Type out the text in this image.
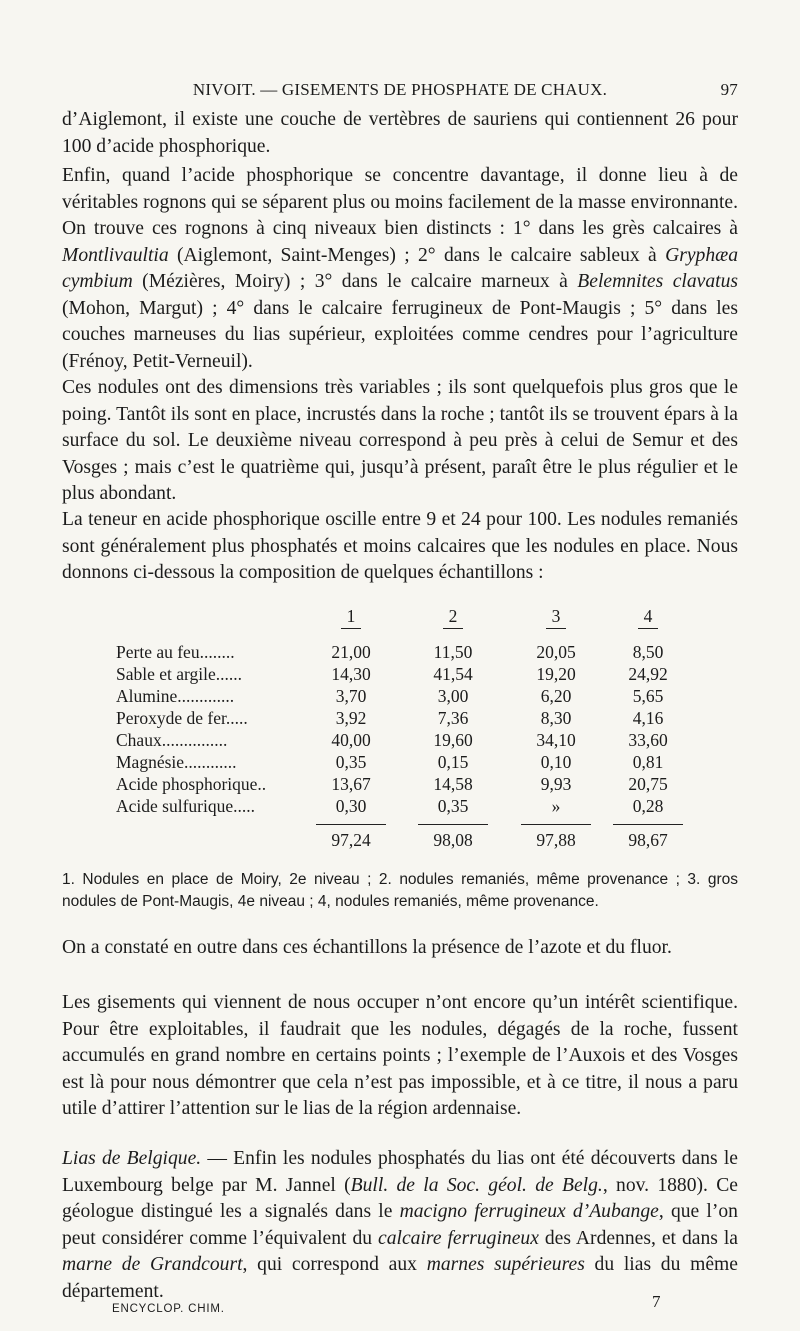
NIVOIT. — GISEMENTS DE PHOSPHATE DE CHAUX.	97

d’Aiglemont, il existe une couche de vertèbres de sauriens qui contiennent 26 pour 100 d’acide phosphorique.

Enfin, quand l’acide phosphorique se concentre davantage, il donne lieu à de véritables rognons qui se séparent plus ou moins facilement de la masse environnante. On trouve ces rognons à cinq niveaux bien distincts : 1° dans les grès calcaires à Montlivaultia (Aiglemont, Saint-Menges) ; 2° dans le calcaire sableux à Gryphæa cymbium (Mézières, Moiry) ; 3° dans le calcaire marneux à Belemnites clavatus (Mohon, Margut) ; 4° dans le calcaire ferrugineux de Pont-Maugis ; 5° dans les couches marneuses du lias supérieur, exploitées comme cendres pour l’agriculture (Frénoy, Petit-Verneuil).

Ces nodules ont des dimensions très variables ; ils sont quelquefois plus gros que le poing. Tantôt ils sont en place, incrustés dans la roche ; tantôt ils se trouvent épars à la surface du sol. Le deuxième niveau correspond à peu près à celui de Semur et des Vosges ; mais c’est le quatrième qui, jusqu’à présent, paraît être le plus régulier et le plus abondant.

La teneur en acide phosphorique oscille entre 9 et 24 pour 100. Les nodules remaniés sont généralement plus phosphatés et moins calcaires que les nodules en place. Nous donnons ci-dessous la composition de quelques échantillons :

1	2	3	4
Perte au feu........	21,00	11,50	20,05	8,50
Sable et argile......	14,30	41,54	19,20	24,92
Alumine.............	3,70	3,00	6,20	5,65
Peroxyde de fer.....	3,92	7,36	8,30	4,16
Chaux...............	40,00	19,60	34,10	33,60
Magnésie............	0,35	0,15	0,10	0,81
Acide phosphorique..	13,67	14,58	9,93	20,75
Acide sulfurique.....	0,30	0,35	»	0,28
97,24	98,08	97,88	98,67
1. Nodules en place de Moiry, 2e niveau ; 2. nodules remaniés, même provenance ; 3. gros nodules de Pont-Maugis, 4e niveau ; 4, nodules remaniés, même provenance.

On a constaté en outre dans ces échantillons la présence de l’azote et du fluor.

Les gisements qui viennent de nous occuper n’ont encore qu’un intérêt scientifique. Pour être exploitables, il faudrait que les nodules, dégagés de la roche, fussent accumulés en grand nombre en certains points ; l’exemple de l’Auxois et des Vosges est là pour nous démontrer que cela n’est pas impossible, et à ce titre, il nous a paru utile d’attirer l’attention sur le lias de la région ardennaise.

Lias de Belgique. — Enfin les nodules phosphatés du lias ont été découverts dans le Luxembourg belge par M. Jannel (Bull. de la Soc. géol. de Belg., nov. 1880). Ce géologue distingué les a signalés dans le macigno ferrugineux d’Aubange, que l’on peut considérer comme l’équivalent du calcaire ferrugineux des Ardennes, et dans la marne de Grandcourt, qui correspond aux marnes supérieures du lias du même département.

ENCYCLOP. CHIM.	7
